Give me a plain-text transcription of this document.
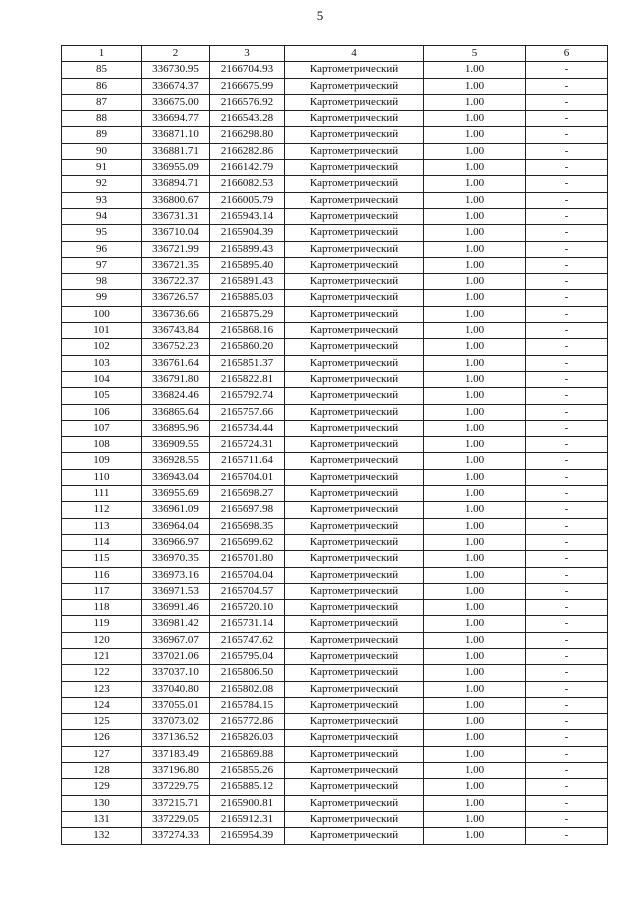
5
1	2	3	4	5	6
85	336730.95	2166704.93	Картометрический	1.00	-
86	336674.37	2166675.99	Картометрический	1.00	-
87	336675.00	2166576.92	Картометрический	1.00	-
88	336694.77	2166543.28	Картометрический	1.00	-
89	336871.10	2166298.80	Картометрический	1.00	-
90	336881.71	2166282.86	Картометрический	1.00	-
91	336955.09	2166142.79	Картометрический	1.00	-
92	336894.71	2166082.53	Картометрический	1.00	-
93	336800.67	2166005.79	Картометрический	1.00	-
94	336731.31	2165943.14	Картометрический	1.00	-
95	336710.04	2165904.39	Картометрический	1.00	-
96	336721.99	2165899.43	Картометрический	1.00	-
97	336721.35	2165895.40	Картометрический	1.00	-
98	336722.37	2165891.43	Картометрический	1.00	-
99	336726.57	2165885.03	Картометрический	1.00	-
100	336736.66	2165875.29	Картометрический	1.00	-
101	336743.84	2165868.16	Картометрический	1.00	-
102	336752.23	2165860.20	Картометрический	1.00	-
103	336761.64	2165851.37	Картометрический	1.00	-
104	336791.80	2165822.81	Картометрический	1.00	-
105	336824.46	2165792.74	Картометрический	1.00	-
106	336865.64	2165757.66	Картометрический	1.00	-
107	336895.96	2165734.44	Картометрический	1.00	-
108	336909.55	2165724.31	Картометрический	1.00	-
109	336928.55	2165711.64	Картометрический	1.00	-
110	336943.04	2165704.01	Картометрический	1.00	-
111	336955.69	2165698.27	Картометрический	1.00	-
112	336961.09	2165697.98	Картометрический	1.00	-
113	336964.04	2165698.35	Картометрический	1.00	-
114	336966.97	2165699.62	Картометрический	1.00	-
115	336970.35	2165701.80	Картометрический	1.00	-
116	336973.16	2165704.04	Картометрический	1.00	-
117	336971.53	2165704.57	Картометрический	1.00	-
118	336991.46	2165720.10	Картометрический	1.00	-
119	336981.42	2165731.14	Картометрический	1.00	-
120	336967.07	2165747.62	Картометрический	1.00	-
121	337021.06	2165795.04	Картометрический	1.00	-
122	337037.10	2165806.50	Картометрический	1.00	-
123	337040.80	2165802.08	Картометрический	1.00	-
124	337055.01	2165784.15	Картометрический	1.00	-
125	337073.02	2165772.86	Картометрический	1.00	-
126	337136.52	2165826.03	Картометрический	1.00	-
127	337183.49	2165869.88	Картометрический	1.00	-
128	337196.80	2165855.26	Картометрический	1.00	-
129	337229.75	2165885.12	Картометрический	1.00	-
130	337215.71	2165900.81	Картометрический	1.00	-
131	337229.05	2165912.31	Картометрический	1.00	-
132	337274.33	2165954.39	Картометрический	1.00	-
